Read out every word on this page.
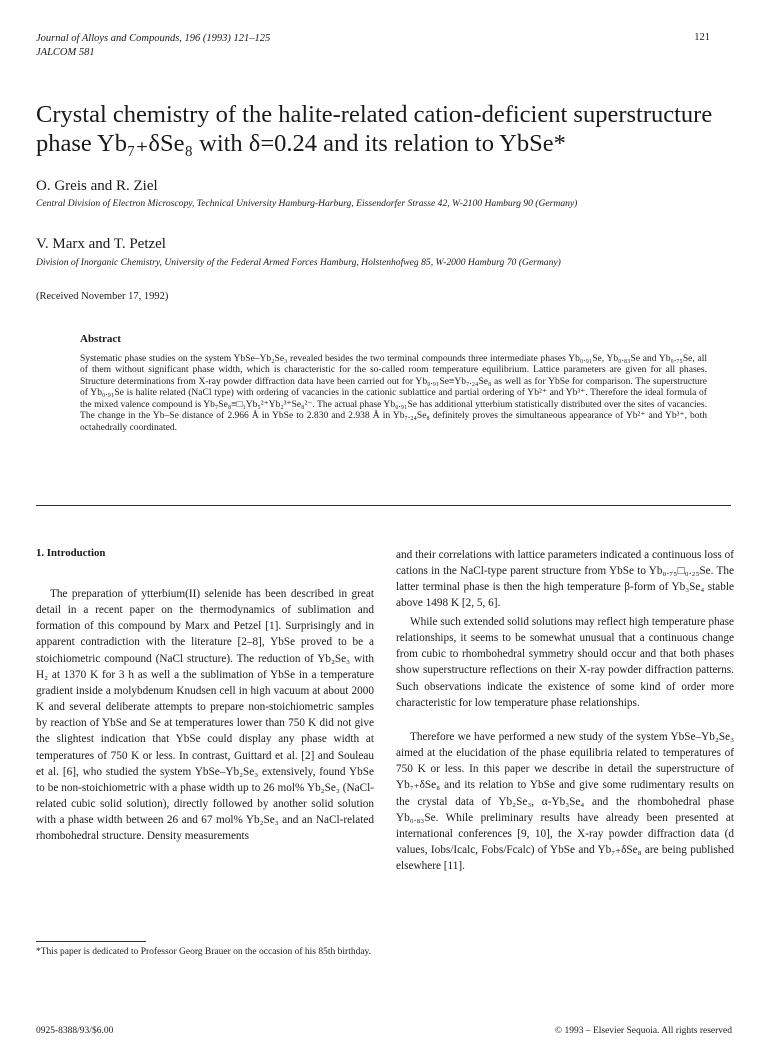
Journal of Alloys and Compounds, 196 (1993) 121–125
JALCOM 581
121
Crystal chemistry of the halite-related cation-deficient superstructure phase Yb₇₊δSe₈ with δ=0.24 and its relation to YbSe*
O. Greis and R. Ziel
Central Division of Electron Microscopy, Technical University Hamburg-Harburg, Eissendorfer Strasse 42, W-2100 Hamburg 90 (Germany)
V. Marx and T. Petzel
Division of Inorganic Chemistry, University of the Federal Armed Forces Hamburg, Holstenhofweg 85, W-2000 Hamburg 70 (Germany)
(Received November 17, 1992)
Abstract

Systematic phase studies on the system YbSe–Yb₂Se₃ revealed besides the two terminal compounds three intermediate phases Yb₀.₉₁Se, Yb₀.₈₃Se and Yb₀.₇₅Se, all of them without significant phase width, which is characteristic for the so-called room temperature equilibrium. Lattice parameters are given for all phases. Structure determinations from X-ray powder diffraction data have been carried out for Yb₀.₉₁Se≡Yb₇.₂₄Se₈ as well as for YbSe for comparison. The superstructure of Yb₀.₉₁Se is halite related (NaCl type) with ordering of vacancies in the cationic sublattice and partial ordering of Yb²⁺ and Yb³⁺. Therefore the ideal formula of the mixed valence compound is Yb₇Se₈≡□₁Yb₅²⁺Yb₂³⁺Se₈²⁻. The actual phase Yb₀.₉₁Se has additional ytterbium statistically distributed over the sites of vacancies. The change in the Yb–Se distance of 2.966 Å in YbSe to 2.830 and 2.938 Å in Yb₇.₂₄Se₈ definitely proves the simultaneous appearance of Yb²⁺ and Yb³⁺, both octahedrally coordinated.

1. Introduction

The preparation of ytterbium(II) selenide has been described in great detail in a recent paper on the thermodynamics of sublimation and formation of this compound by Marx and Petzel [1]. Surprisingly and in apparent contradiction with the literature [2–8], YbSe proved to be a stoichiometric compound (NaCl structure). The reduction of Yb₂Se₃ with H₂ at 1370 K for 3 h as well a the sublimation of YbSe in a temperature gradient inside a molybdenum Knudsen cell in high vacuum at about 2000 K and several deliberate attempts to prepare non-stoichiometric samples by reaction of YbSe and Se at temperatures lower than 750 K did not give the slightest indication that YbSe could display any phase width at temperatures of 750 K or less. In contrast, Guittard et al. [2] and Souleau et al. [6], who studied the system YbSe–Yb₂Se₃ extensively, found YbSe to be non-stoichiometric with a phase width up to 26 mol% Yb₂Se₃ (NaCl-related cubic solid solution), directly followed by another solid solution with a phase width between 26 and 67 mol% Yb₂Se₃ and an NaCl-related rhombohedral structure. Density measurements

and their correlations with lattice parameters indicated a continuous loss of cations in the NaCl-type parent structure from YbSe to Yb₀.₇₅□₀.₂₅Se. The latter terminal phase is then the high temperature β-form of Yb₃Se₄ stable above 1498 K [2, 5, 6].

While such extended solid solutions may reflect high temperature phase relationships, it seems to be somewhat unusual that a continuous change from cubic to rhombohedral symmetry should occur and that both phases show superstructure reflections on their X-ray powder diffraction patterns. Such observations indicate the existence of some kind of order more characteristic for low temperature phase relationships.

Therefore we have performed a new study of the system YbSe–Yb₂Se₃ aimed at the elucidation of the phase equilibria related to temperatures of 750 K or less. In this paper we describe in detail the superstructure of Yb₇₊δSe₈ and its relation to YbSe and give some rudimentary results on the crystal data of Yb₂Se₃, α-Yb₃Se₄ and the rhombohedral phase Yb₀.₈₃Se. While preliminary results have already been presented at international conferences [9, 10], the X-ray powder diffraction data (d values, Iobs/Icalc, Fobs/Fcalc) of YbSe and Yb₇₊δSe₈ are being published elsewhere [11].

*This paper is dedicated to Professor Georg Brauer on the occasion of his 85th birthday.

0925-8388/93/$6.00	© 1993 – Elsevier Sequoia. All rights reserved
